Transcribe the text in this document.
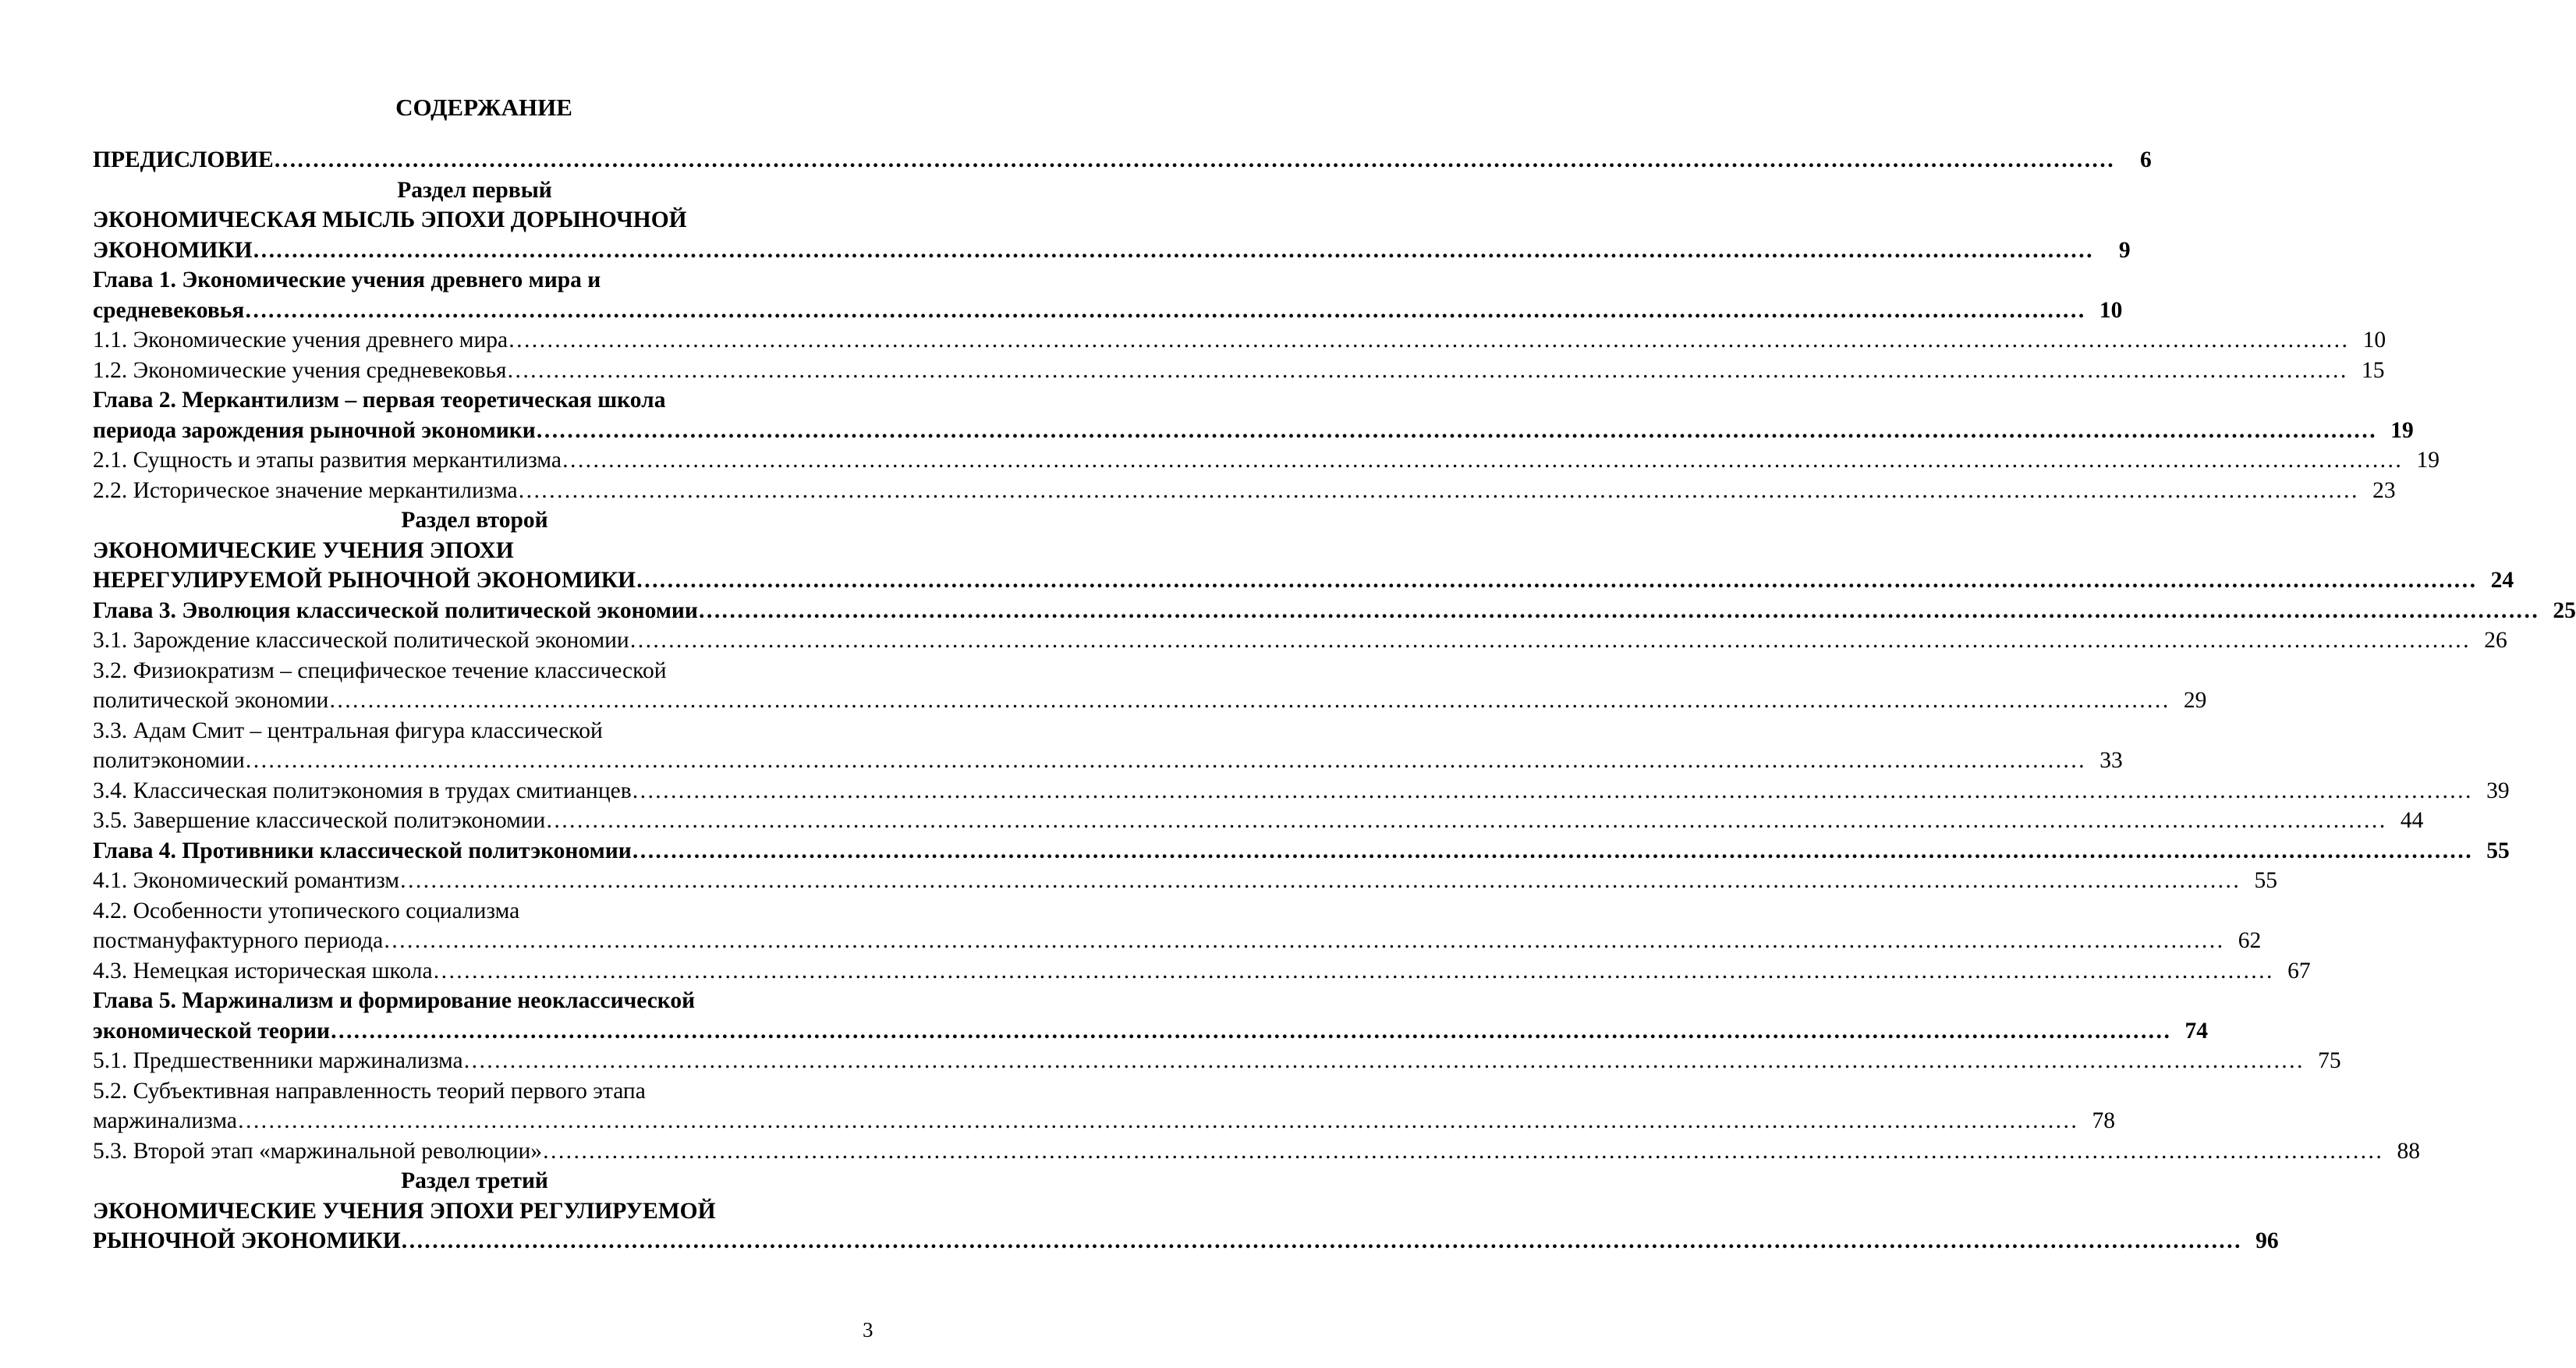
СОДЕРЖАНИЕ
ПРЕДИСЛОВИЕ ……………………………………………………………………………………………………………………………………………………………………………………………………………………	6
Раздел первый
ЭКОНОМИЧЕСКАЯ МЫСЛЬ ЭПОХИ ДОРЫНОЧНОЙ
ЭКОНОМИКИ ……………………………………………………………………………………………………………………………………………………………………………………………………………………	9
Глава 1. Экономические учения древнего мира и
средневековья …………………………………………………………………………………………………………………………………………………………………………………………………………………… 10
1.1. Экономические учения древнего мира …………………………………………………………………………………………………………………………………………………………………………………………………………………… 10
1.2. Экономические учения средневековья …………………………………………………………………………………………………………………………………………………………………………………………………………………… 15
Глава 2. Меркантилизм – первая теоретическая школа
периода зарождения рыночной экономики …………………………………………………………………………………………………………………………………………………………………………………………………………………… 19
2.1. Сущность и этапы развития меркантилизма …………………………………………………………………………………………………………………………………………………………………………………………………………………… 19
2.2. Историческое значение меркантилизма …………………………………………………………………………………………………………………………………………………………………………………………………………………… 23
Раздел второй
ЭКОНОМИЧЕСКИЕ УЧЕНИЯ ЭПОХИ
НЕРЕГУЛИРУЕМОЙ РЫНОЧНОЙ ЭКОНОМИКИ …………………………………………………………………………………………………………………………………………………………………………………………………………………… 24
Глава 3. Эволюция классической политической экономии …………………………………………………………………………………………………………………………………………………………………………………………………………………… 25
3.1. Зарождение классической политической экономии …………………………………………………………………………………………………………………………………………………………………………………………………………………… 26
3.2. Физиократизм – специфическое течение классической
политической экономии …………………………………………………………………………………………………………………………………………………………………………………………………………………… 29
3.3. Адам Смит – центральная фигура классической
политэкономии …………………………………………………………………………………………………………………………………………………………………………………………………………………… 33
3.4. Классическая политэкономия в трудах смитианцев …………………………………………………………………………………………………………………………………………………………………………………………………………………… 39
3.5. Завершение классической политэкономии …………………………………………………………………………………………………………………………………………………………………………………………………………………… 44
Глава 4. Противники классической политэкономии …………………………………………………………………………………………………………………………………………………………………………………………………………………… 55
4.1. Экономический романтизм …………………………………………………………………………………………………………………………………………………………………………………………………………………… 55
4.2. Особенности утопического социализма
постмануфактурного периода …………………………………………………………………………………………………………………………………………………………………………………………………………………… 62
4.3. Немецкая историческая школа …………………………………………………………………………………………………………………………………………………………………………………………………………………… 67
Глава 5. Маржинализм и формирование неоклассической
экономической теории …………………………………………………………………………………………………………………………………………………………………………………………………………………… 74
5.1. Предшественники маржинализма …………………………………………………………………………………………………………………………………………………………………………………………………………………… 75
5.2. Субъективная направленность теорий первого этапа
маржинализма …………………………………………………………………………………………………………………………………………………………………………………………………………………… 78
5.3. Второй этап «маржинальной революции» …………………………………………………………………………………………………………………………………………………………………………………………………………………… 88
Раздел третий
ЭКОНОМИЧЕСКИЕ УЧЕНИЯ ЭПОХИ РЕГУЛИРУЕМОЙ
РЫНОЧНОЙ ЭКОНОМИКИ …………………………………………………………………………………………………………………………………………………………………………………………………………………… 96
3
